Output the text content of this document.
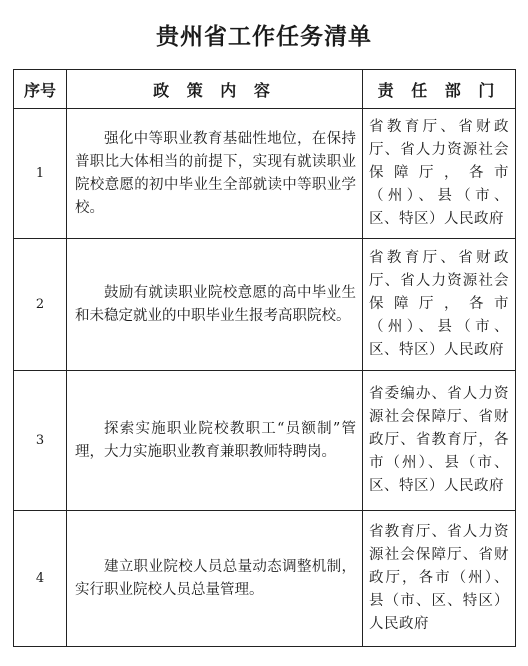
贵州省工作任务清单
序号	政 策 内 容	责 任 部 门
1	强化中等职业教育基础性地位，在保持普职比大体相当的前提下，实现有就读职业院校意愿的初中毕业生全部就读中等职业学校。	省教育厅、省财政厅、省人力资源社会保障厅，各市（州）、县（市、区、特区）人民政府
2	鼓励有就读职业院校意愿的高中毕业生和未稳定就业的中职毕业生报考高职院校。	省教育厅、省财政厅、省人力资源社会保障厅，各市（州）、县（市、区、特区）人民政府
3	探索实施职业院校教职工“员额制”管理，大力实施职业教育兼职教师特聘岗。	省委编办、省人力资源社会保障厅、省财政厅、省教育厅，各市（州）、县（市、区、特区）人民政府
4	建立职业院校人员总量动态调整机制，实行职业院校人员总量管理。	省教育厅、省人力资源社会保障厅、省财政厅，各市（州）、县（市、区、特区）人民政府
